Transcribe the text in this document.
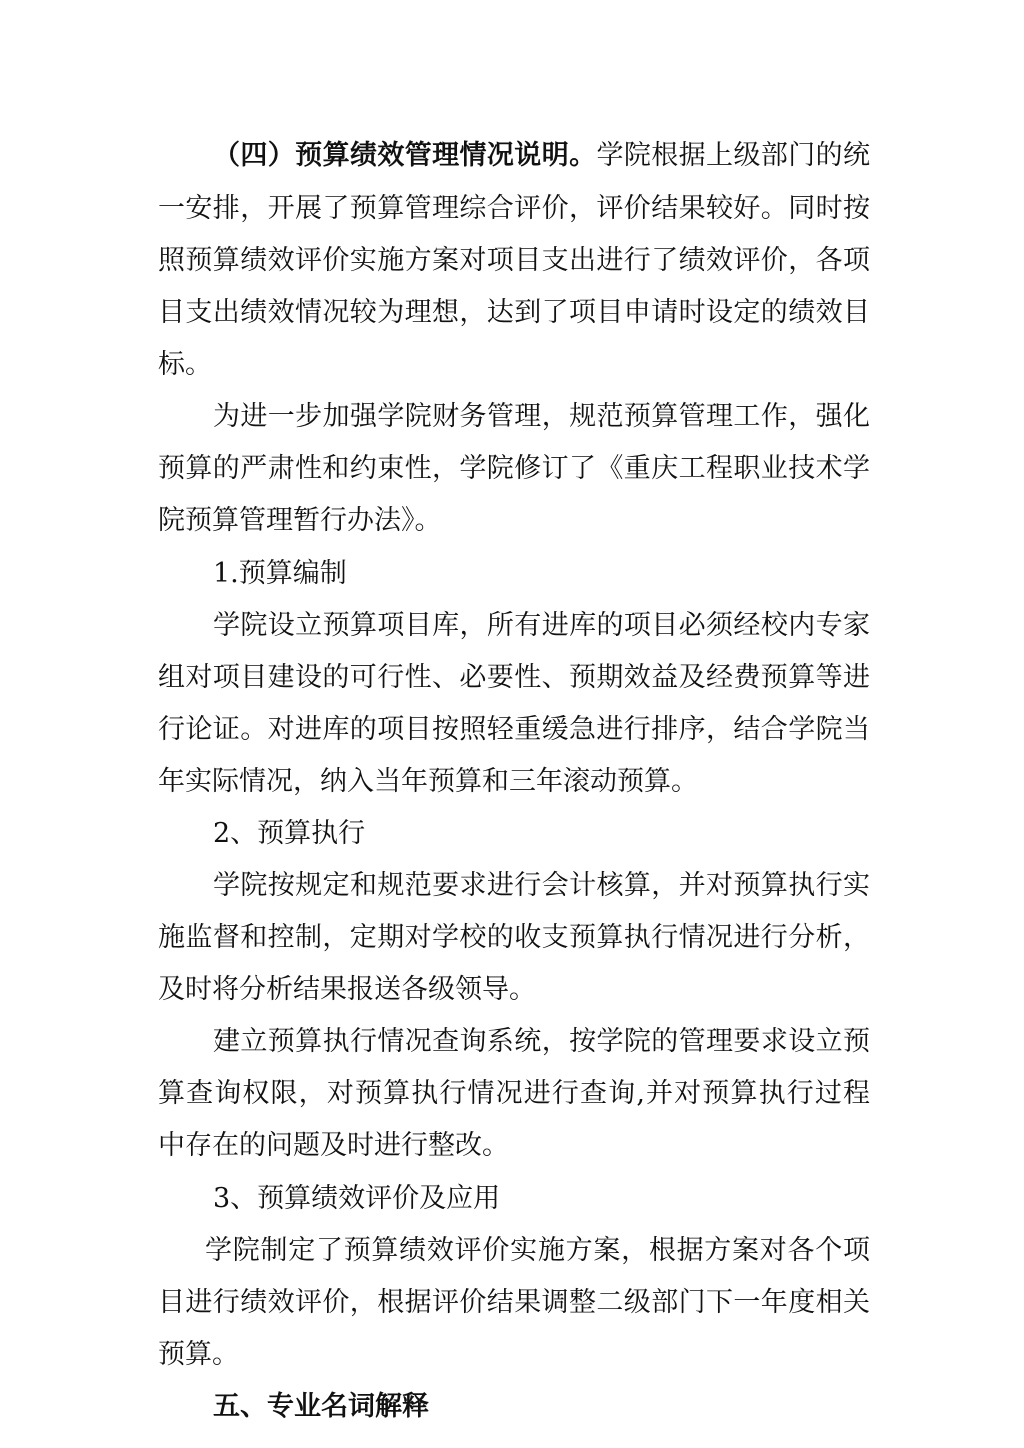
（四）预算绩效管理情况说明。学院根据上级部门的统
一安排，开展了预算管理综合评价，评价结果较好。同时按
照预算绩效评价实施方案对项目支出进行了绩效评价，各项
目支出绩效情况较为理想，达到了项目申请时设定的绩效目
标。
为进一步加强学院财务管理，规范预算管理工作，强化
预算的严肃性和约束性，学院修订了《重庆工程职业技术学
院预算管理暂行办法》。
1.预算编制
学院设立预算项目库，所有进库的项目必须经校内专家
组对项目建设的可行性、必要性、预期效益及经费预算等进
行论证。对进库的项目按照轻重缓急进行排序，结合学院当
年实际情况，纳入当年预算和三年滚动预算。
2、预算执行
学院按规定和规范要求进行会计核算，并对预算执行实
施监督和控制，定期对学校的收支预算执行情况进行分析，
及时将分析结果报送各级领导。
建立预算执行情况查询系统，按学院的管理要求设立预
算查询权限，对预算执行情况进行查询,并对预算执行过程
中存在的问题及时进行整改。
3、预算绩效评价及应用
学院制定了预算绩效评价实施方案，根据方案对各个项
目进行绩效评价，根据评价结果调整二级部门下一年度相关
预算。
五、专业名词解释
